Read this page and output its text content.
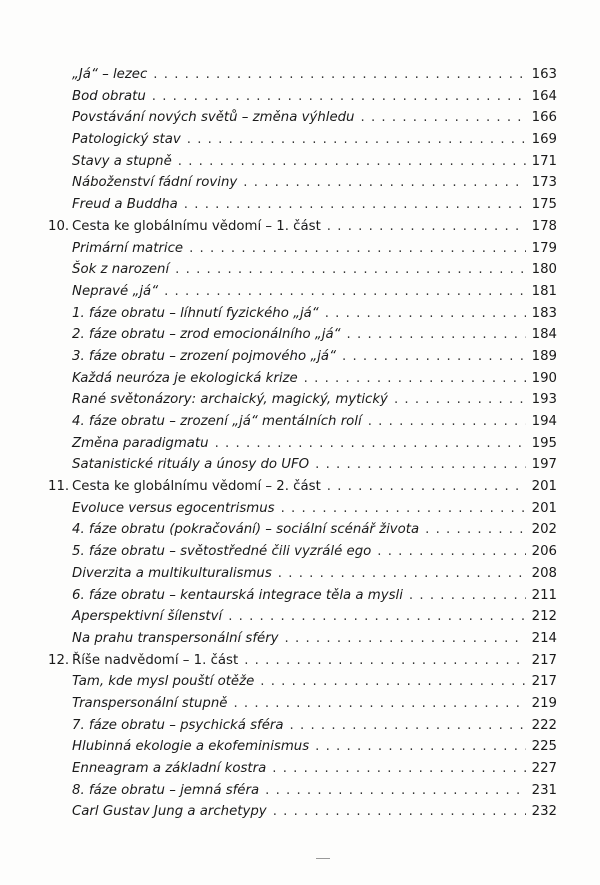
„Já“ – lezec . . .	163
Bod obratu . . .	164
Povstávání nových světů – změna výhledu . . .	166
Patologický stav . . .	169
Stavy a stupně . . .	171
Náboženství fádní roviny . . .	173
Freud a Buddha . . .	175
10. Cesta ke globálnímu vědomí – 1. část . . .	178
Primární matrice . . .	179
Šok z narození . . .	180
Nepravé „já“ . . .	181
1. fáze obratu – líhnutí fyzického „já“ . . .	183
2. fáze obratu – zrod emocionálního „já“ . . .	184
3. fáze obratu – zrození pojmového „já“ . . .	189
Každá neuróza je ekologická krize . . .	190
Rané světonázory: archaický, magický, mytický . . .	193
4. fáze obratu – zrození „já“ mentálních rolí . . .	194
Změna paradigmatu . . .	195
Satanistické rituály a únosy do UFO . . .	197
11. Cesta ke globálnímu vědomí – 2. část . . .	201
Evoluce versus egocentrismus . . .	201
4. fáze obratu (pokračování) – sociální scénář života . . .	202
5. fáze obratu – světostředné čili vyzrálé ego . . .	206
Diverzita a multikulturalismus . . .	208
6. fáze obratu – kentaurská integrace těla a mysli . . .	211
Aperspektivní šílenství . . .	212
Na prahu transpersonální sféry . . .	214
12. Říše nadvědomí – 1. část . . .	217
Tam, kde mysl pouští otěže . . .	217
Transpersonální stupně . . .	219
7. fáze obratu – psychická sféra . . .	222
Hlubinná ekologie a ekofeminismus . . .	225
Enneagram a základní kostra . . .	227
8. fáze obratu – jemná sféra . . .	231
Carl Gustav Jung a archetypy . . .	232
